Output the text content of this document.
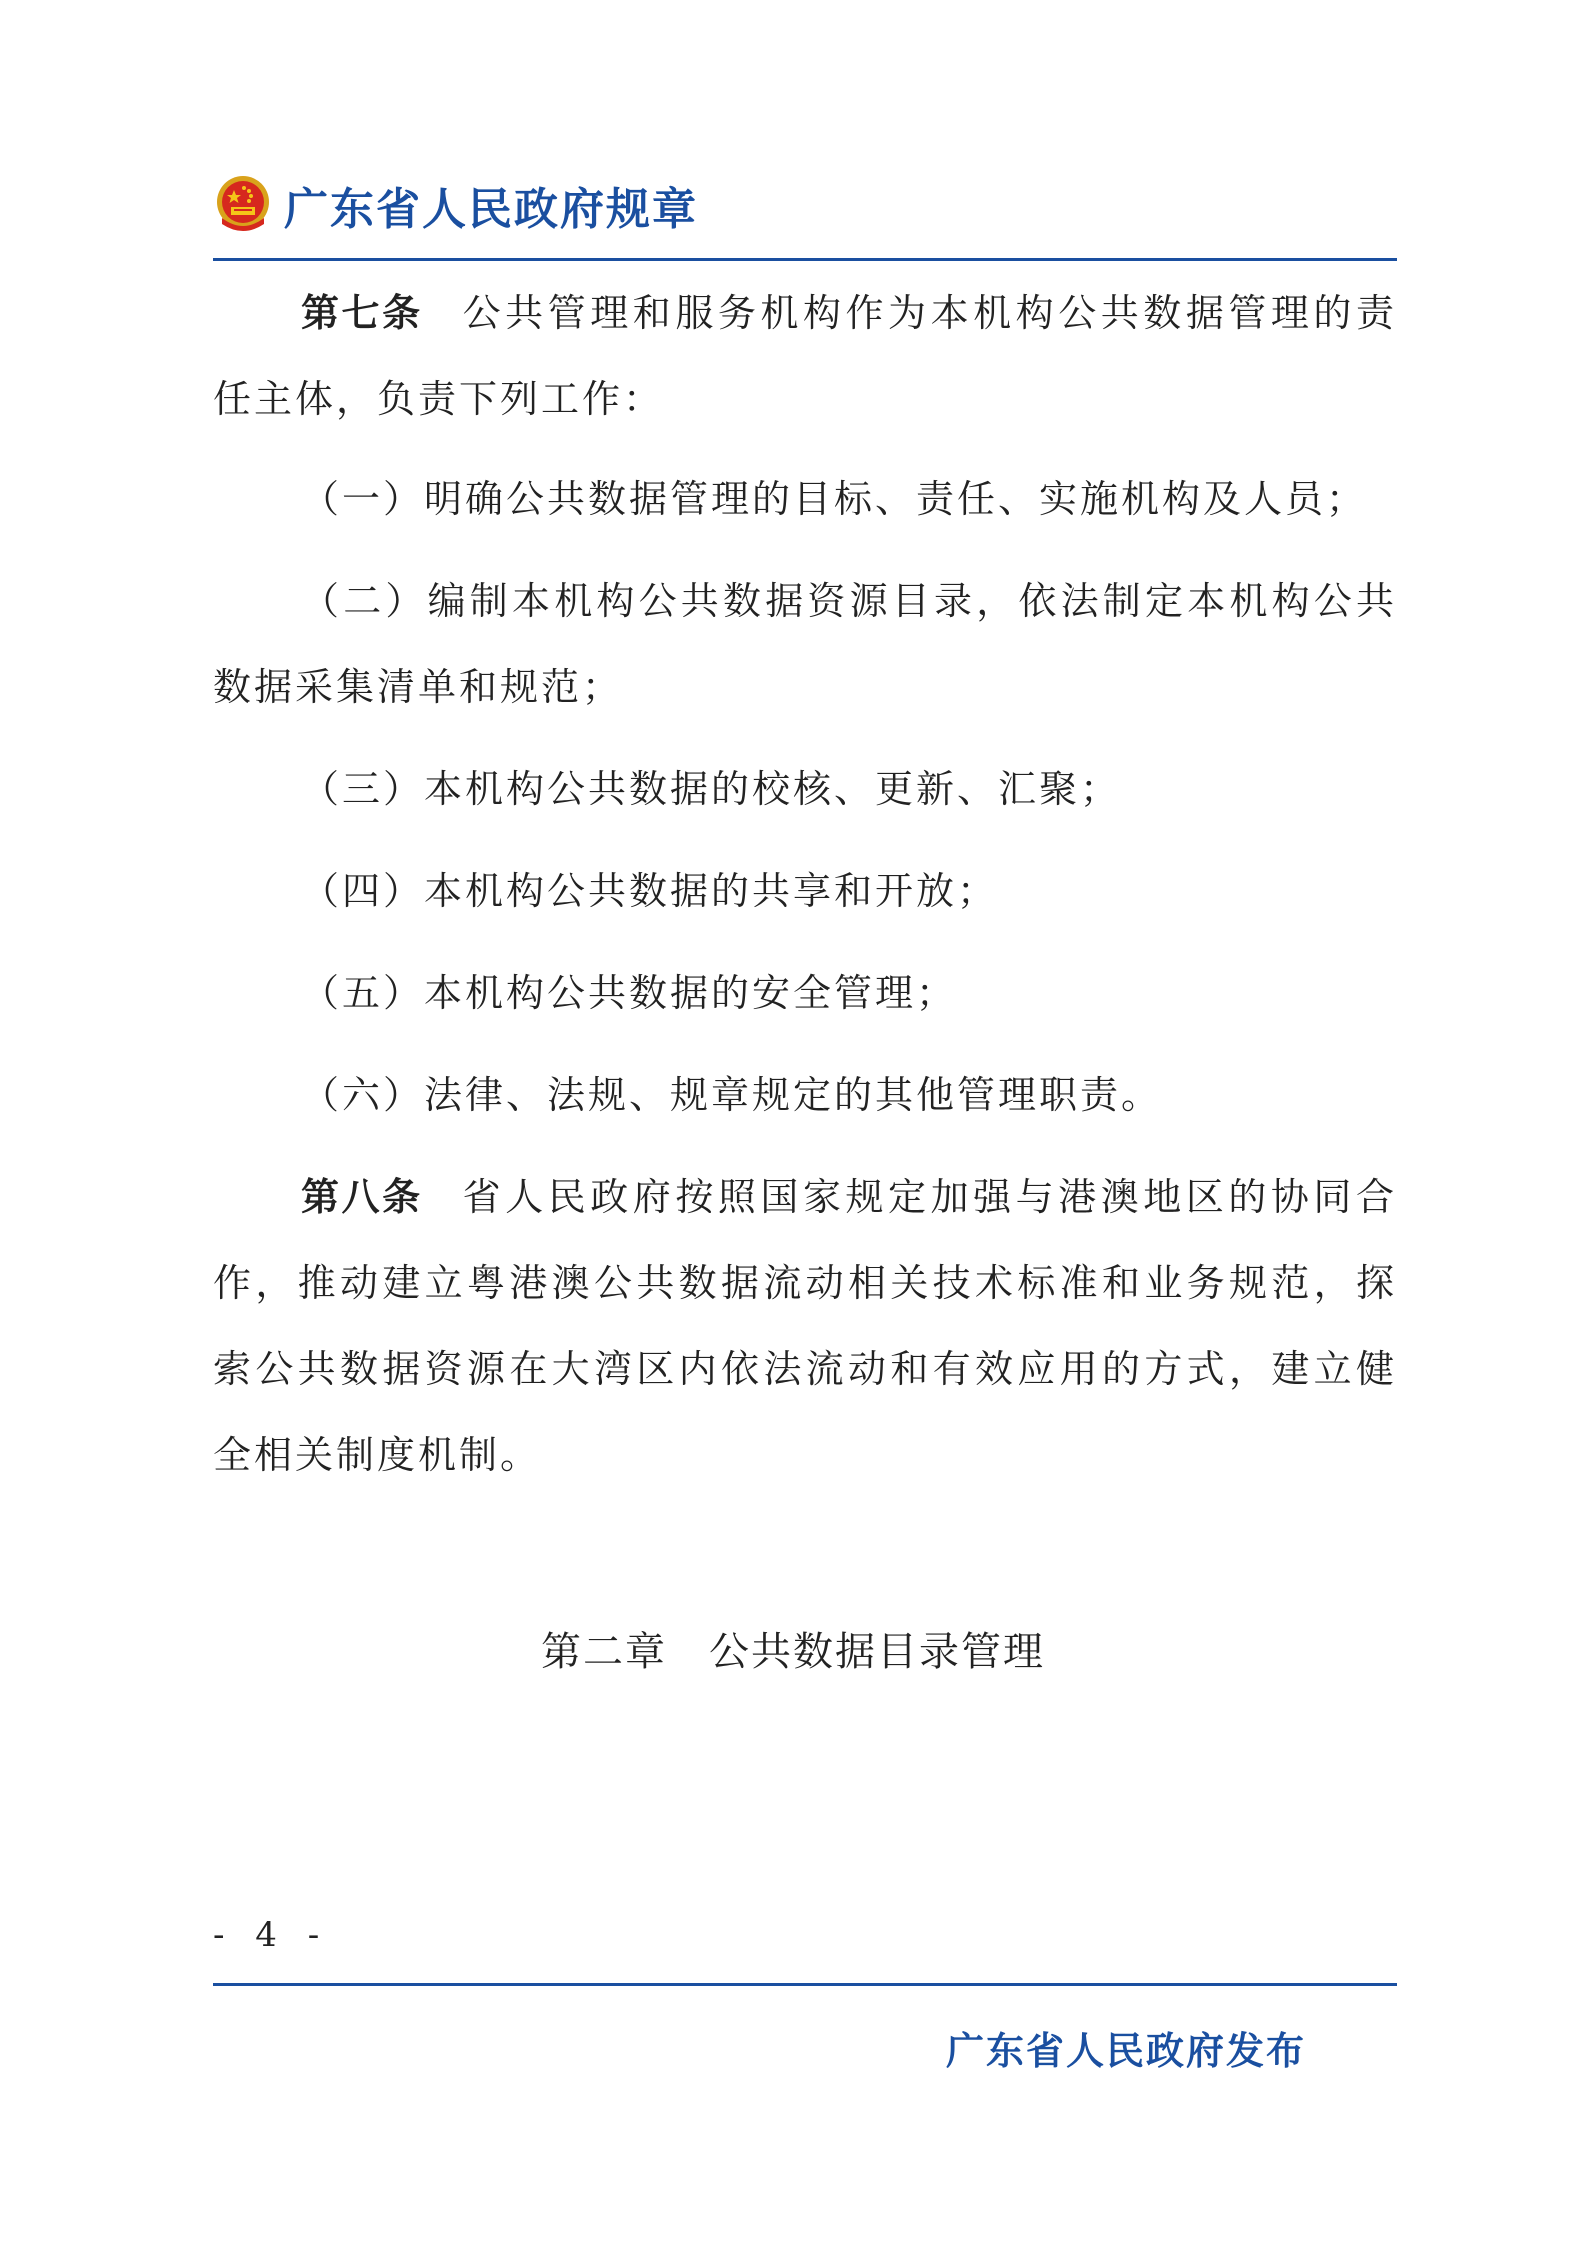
广东省人民政府规章

第七条 公共管理和服务机构作为本机构公共数据管理的责任主体，负责下列工作：

（一）明确公共数据管理的目标、责任、实施机构及人员；

（二）编制本机构公共数据资源目录，依法制定本机构公共数据采集清单和规范；

（三）本机构公共数据的校核、更新、汇聚；

（四）本机构公共数据的共享和开放；

（五）本机构公共数据的安全管理；

（六）法律、法规、规章规定的其他管理职责。

第八条 省人民政府按照国家规定加强与港澳地区的协同合作，推动建立粤港澳公共数据流动相关技术标准和业务规范，探索公共数据资源在大湾区内依法流动和有效应用的方式，建立健全相关制度机制。

第二章　公共数据目录管理
- 4 -
广东省人民政府发布
